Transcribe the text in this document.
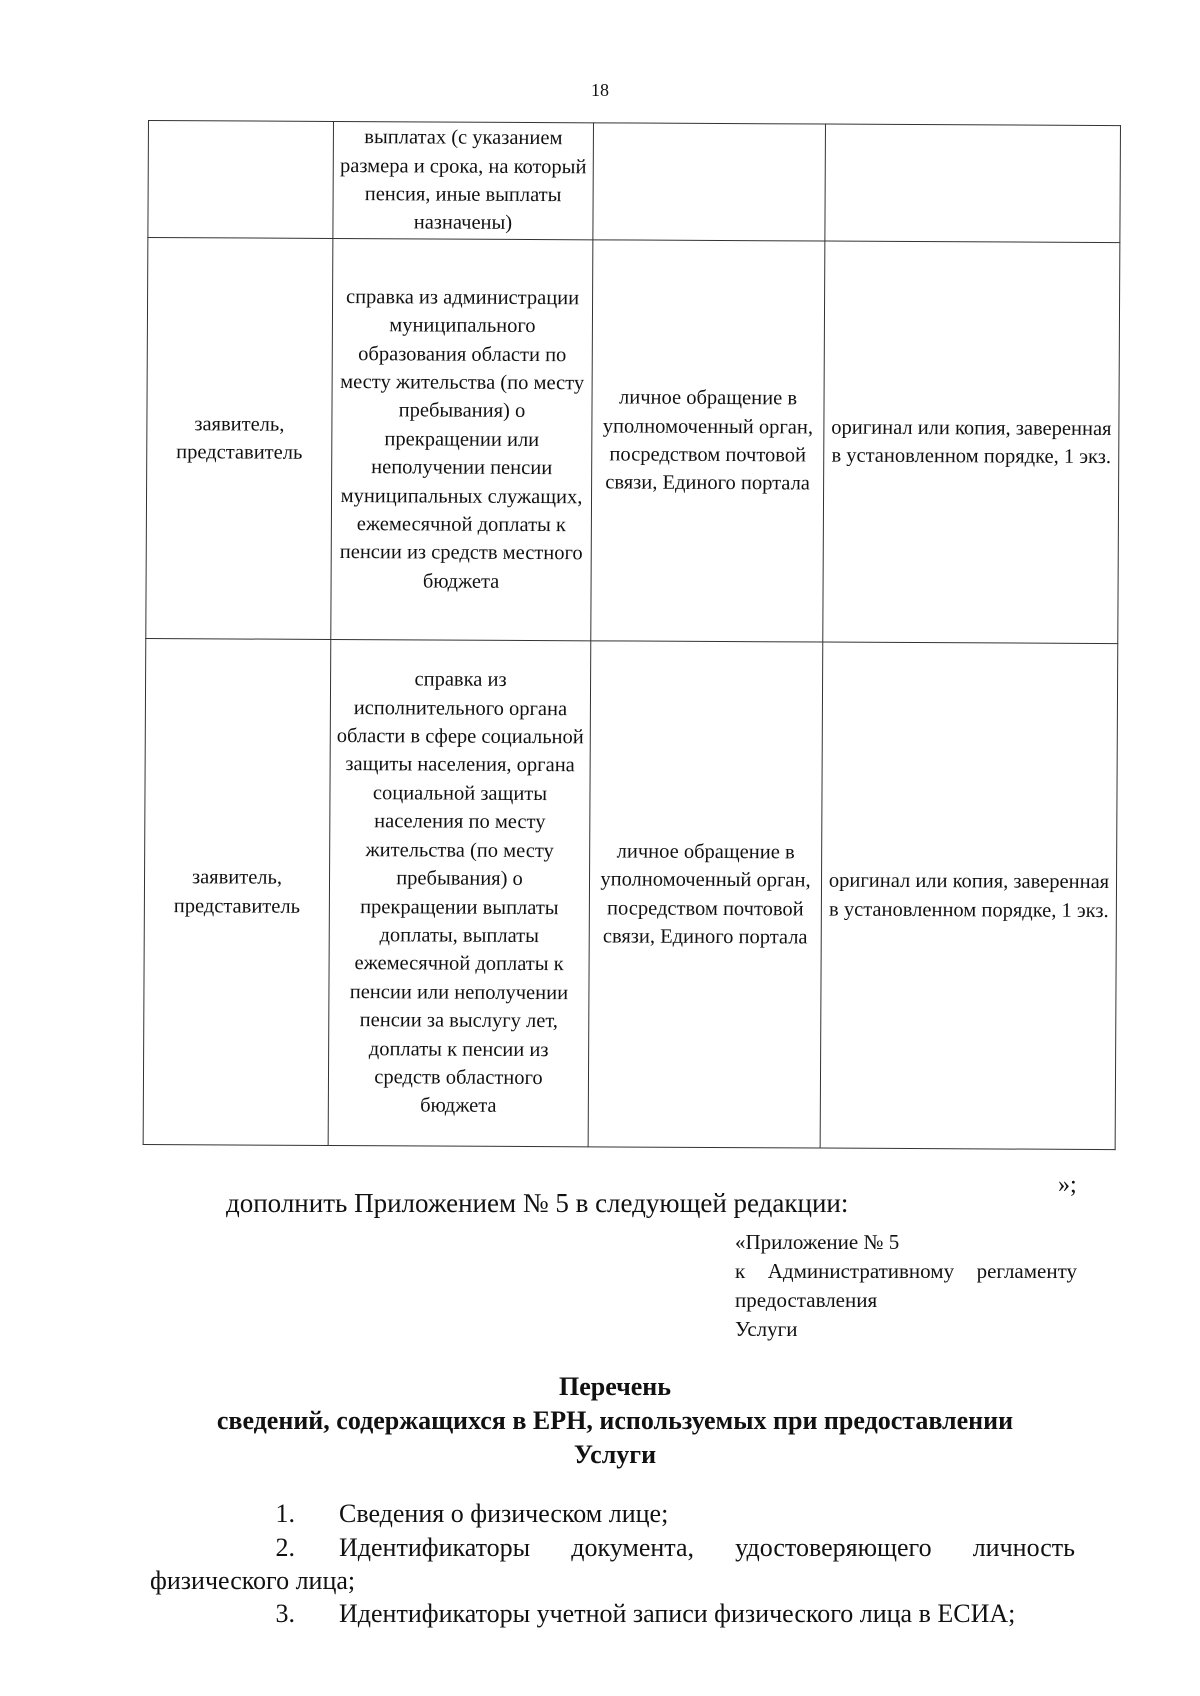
18
	выплатах (с указанием размера и срока, на который пенсия, иные выплаты назначены)		
заявитель,
представитель	справка из администрации муниципального образования области по месту жительства (по месту пребывания) о прекращении или неполучении пенсии муниципальных служащих, ежемесячной доплаты к пенсии из средств местного бюджета	личное обращение в уполномоченный орган, посредством почтовой связи, Единого портала	оригинал или копия, заверенная в установленном порядке, 1 экз.
заявитель,
представитель	справка из исполнительного органа области в сфере социальной защиты населения, органа социальной защиты населения по месту жительства (по месту пребывания) о прекращении выплаты доплаты, выплаты ежемесячной доплаты к пенсии или неполучении пенсии за выслугу лет, доплаты к пенсии из средств областного бюджета	личное обращение в уполномоченный орган, посредством почтовой связи, Единого портала	оригинал или копия, заверенная в установленном порядке, 1 экз.
»;
дополнить Приложением № 5 в следующей редакции:
«Приложение № 5
к Административному регламенту предоставления
Услуги
Перечень
сведений, содержащихся в ЕРН, используемых при предоставлении
Услуги
1.	Сведения о физическом лице;
2.	Идентификаторы документа, удостоверяющего личность
физического лица;
3.	Идентификаторы учетной записи физического лица в ЕСИА;
